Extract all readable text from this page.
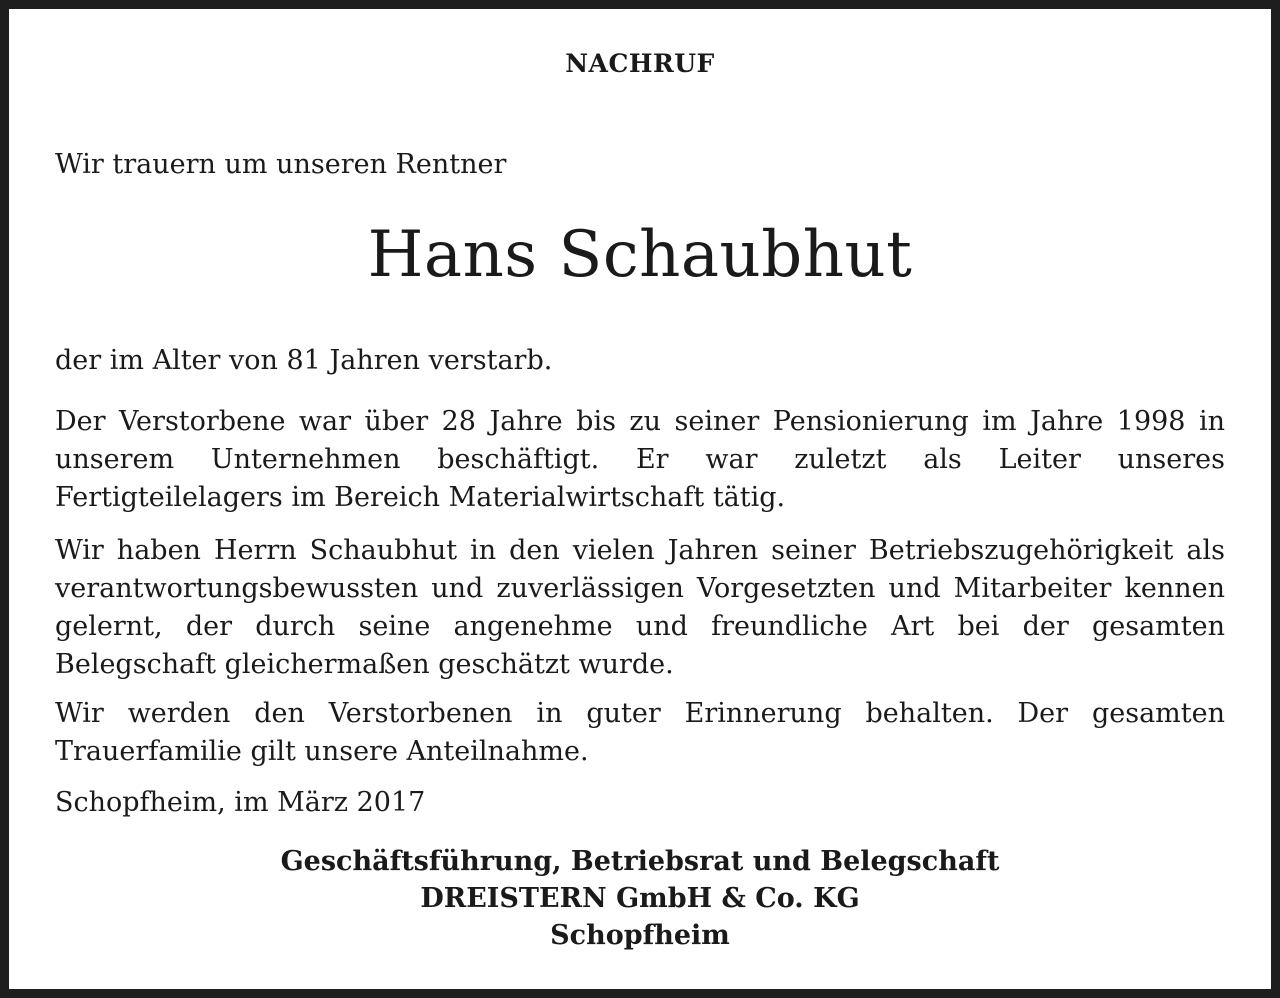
NACHRUF
Wir trauern um unseren Rentner
Hans Schaubhut

der im Alter von 81 Jahren verstarb.

Der Verstorbene war über 28 Jahre bis zu seiner Pensionierung im Jahre 1998 in unserem Unternehmen beschäftigt. Er war zuletzt als Leiter unseres Fertigteilelagers im Bereich Materialwirtschaft tätig.

Wir haben Herrn Schaubhut in den vielen Jahren seiner Betriebszugehörigkeit als verantwortungsbewussten und zuverlässigen Vorgesetzten und Mitarbeiter kennen gelernt, der durch seine angenehme und freundliche Art bei der gesamten Belegschaft gleichermaßen geschätzt wurde.

Wir werden den Verstorbenen in guter Erinnerung behalten. Der gesamten Trauerfamilie gilt unsere Anteilnahme.

Schopfheim, im März 2017

Geschäftsführung, Betriebsrat und Belegschaft
DREISTERN GmbH & Co. KG
Schopfheim
